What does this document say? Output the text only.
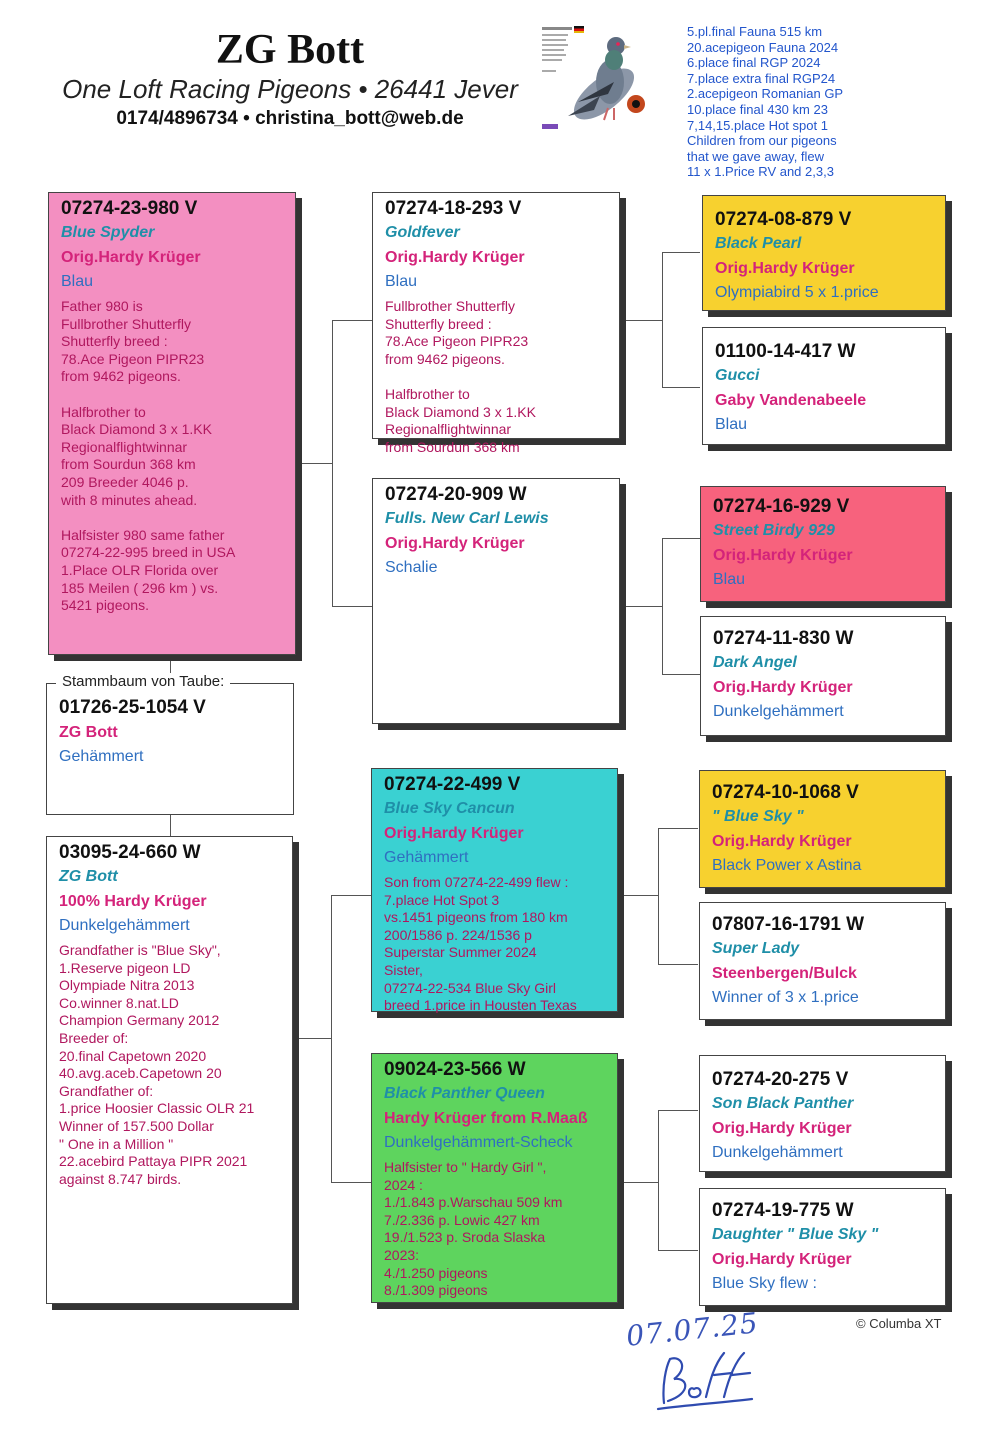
ZG Bott
One Loft Racing Pigeons • 26441 Jever
0174/4896734 • christina_bott@web.de
5.pl.final Fauna 515 km
20.acepigeon Fauna 2024
6.place final RGP 2024
7.place extra final RGP24
2.acepigeon Romanian GP
10.place final 430 km 23
7,14,15.place Hot spot 1
Children from our pigeons
that we gave away, flew
11 x 1.Price RV and 2,3,3
07274-23-980 V
Blue Spyder
Orig.Hardy Krüger
Blau
Father 980 is
Fullbrother Shutterfly
Shutterfly breed :
78.Ace Pigeon PIPR23
from 9462 pigeons.

Halfbrother to
Black Diamond 3 x 1.KK
Regionalflightwinnar
from Sourdun 368 km
209 Breeder 4046 p.
with 8 minutes ahead.

Halfsister 980 same father
07274-22-995 breed in USA
1.Place OLR Florida over
185 Meilen ( 296 km ) vs.
5421 pigeons.
01726-25-1054 V
ZG Bott
Gehämmert
Stammbaum von Taube:
03095-24-660 W
ZG Bott
100% Hardy Krüger
Dunkelgehämmert
Grandfather is "Blue Sky",
1.Reserve pigeon LD
Olympiade Nitra 2013
Co.winner 8.nat.LD
Champion Germany 2012
Breeder of:
20.final Capetown 2020
40.avg.aceb.Capetown 20
Grandfather of:
1.price Hoosier Classic OLR 21
Winner of 157.500 Dollar
" One in a Million "
22.acebird Pattaya PIPR 2021
against 8.747 birds.
07274-18-293 V
Goldfever
Orig.Hardy Krüger
Blau
Fullbrother Shutterfly
Shutterfly breed :
78.Ace Pigeon PIPR23
from 9462 pigeons.

Halfbrother to
Black Diamond 3 x 1.KK
Regionalflightwinnar
from Sourdun 368 km
07274-20-909 W
Fulls. New Carl Lewis
Orig.Hardy Krüger
Schalie
07274-22-499 V
Blue Sky Cancun
Orig.Hardy Krüger
Gehämmert
Son from 07274-22-499 flew :
7.place Hot Spot 3
vs.1451 pigeons from 180 km
200/1586 p. 224/1536 p
Superstar Summer 2024
Sister,
07274-22-534 Blue Sky Girl
breed 1.price in Housten Texas
09024-23-566 W
Black Panther Queen
Hardy Krüger from R.Maaß
Dunkelgehämmert-Scheck
Halfsister to " Hardy Girl ",
2024 :
1./1.843 p.Warschau 509 km
7./2.336 p. Lowic 427 km
19./1.523 p. Sroda Slaska
2023:
4./1.250 pigeons
8./1.309 pigeons
07274-08-879 V
Black Pearl
Orig.Hardy Krüger
Olympiabird 5 x 1.price
01100-14-417 W
Gucci
Gaby Vandenabeele
Blau
07274-16-929 V
Street Birdy 929
Orig.Hardy Krüger
Blau
07274-11-830 W
Dark Angel
Orig.Hardy Krüger
Dunkelgehämmert
07274-10-1068 V
" Blue Sky "
Orig.Hardy Krüger
Black Power x Astina
07807-16-1791 W
Super Lady
Steenbergen/Bulck
Winner of 3 x 1.price
07274-20-275 V
Son Black Panther
Orig.Hardy Krüger
Dunkelgehämmert
07274-19-775 W
Daughter " Blue Sky "
Orig.Hardy Krüger
Blue Sky flew :
© Columba XT
07.07.25
